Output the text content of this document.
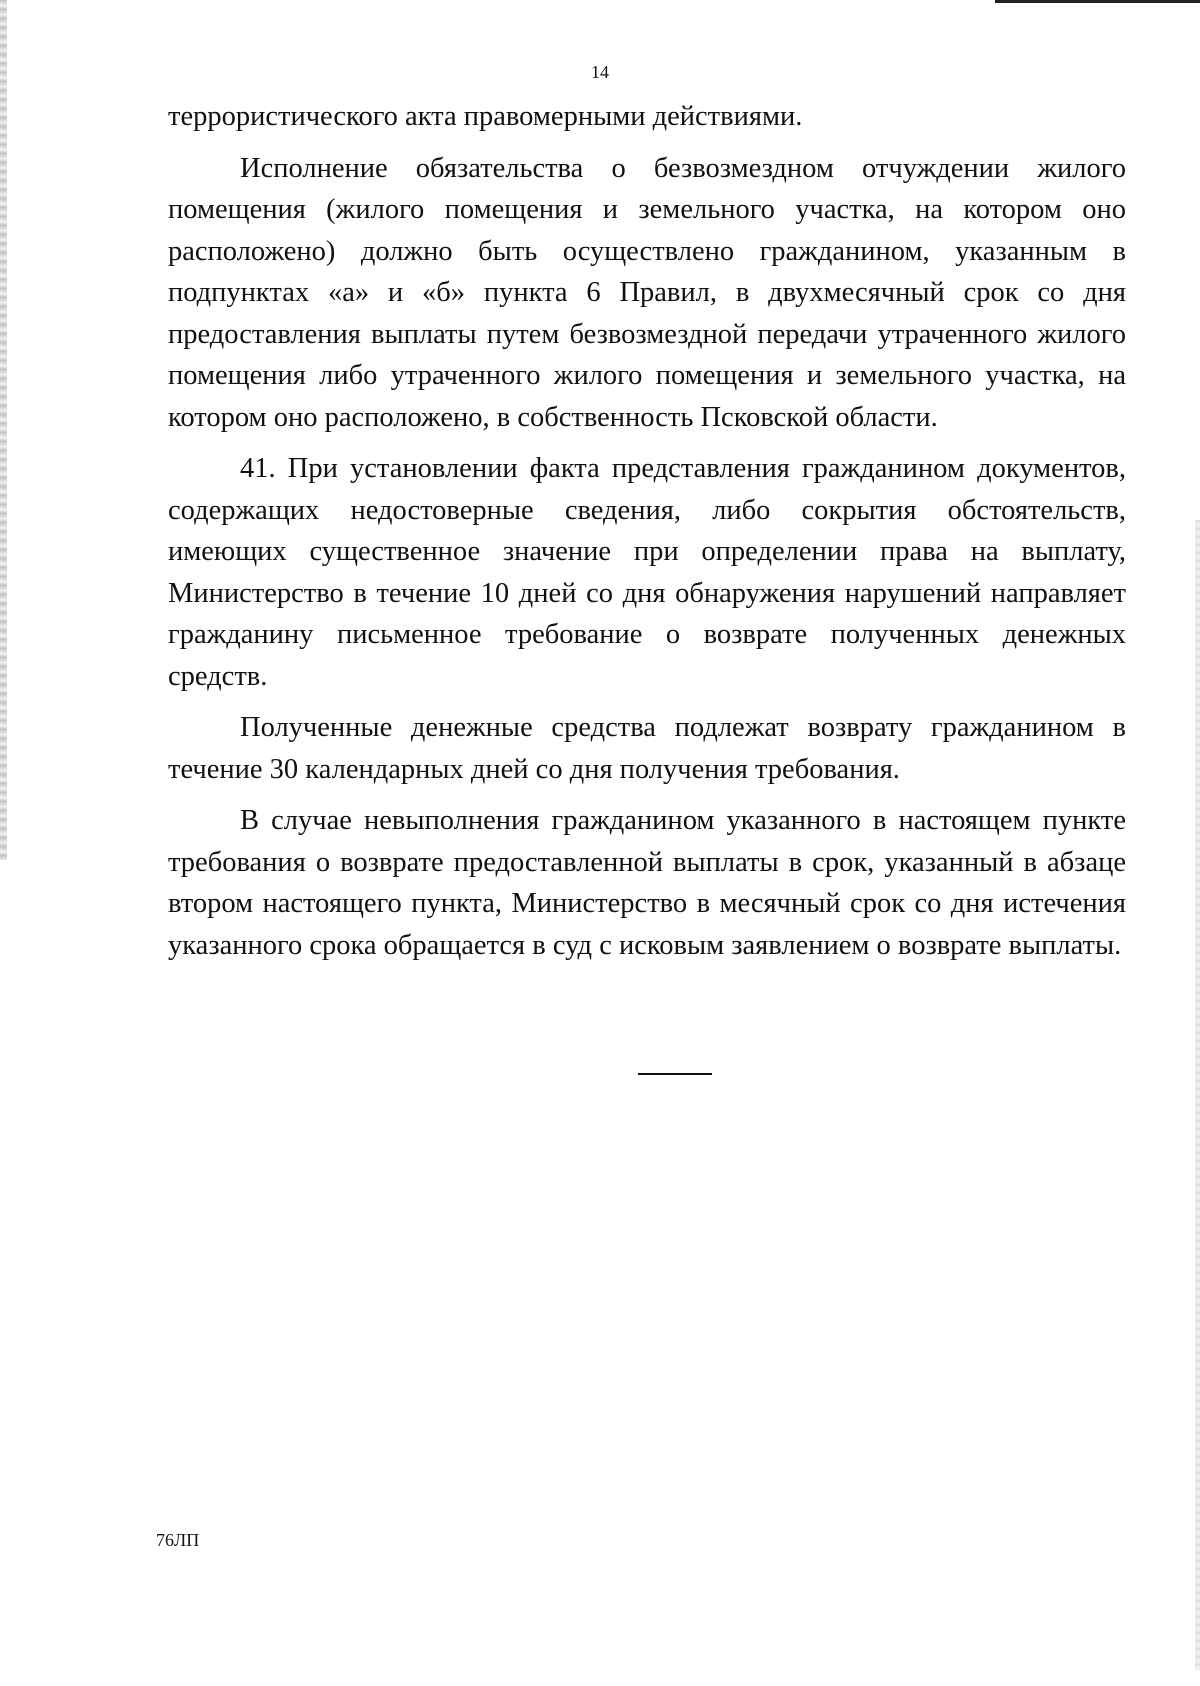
14

террористического акта правомерными действиями.

Исполнение обязательства о безвозмездном отчуждении жилого помещения (жилого помещения и земельного участка, на котором оно расположено) должно быть осуществлено гражданином, указанным в подпунктах «а» и «б» пункта 6 Правил, в двухмесячный срок со дня предоставления выплаты путем безвозмездной передачи утраченного жилого помещения либо утраченного жилого помещения и земельного участка, на котором оно расположено, в собственность Псковской области.

41. При установлении факта представления гражданином документов, содержащих недостоверные сведения, либо сокрытия обстоятельств, имеющих существенное значение при определении права на выплату, Министерство в течение 10 дней со дня обнаружения нарушений направляет гражданину письменное требование о возврате полученных денежных средств.

Полученные денежные средства подлежат возврату гражданином в течение 30 календарных дней со дня получения требования.

В случае невыполнения гражданином указанного в настоящем пункте требования о возврате предоставленной выплаты в срок, указанный в абзаце втором настоящего пункта, Министерство в месячный срок со дня истечения указанного срока обращается в суд с исковым заявлением о возврате выплаты.

76ЛП
